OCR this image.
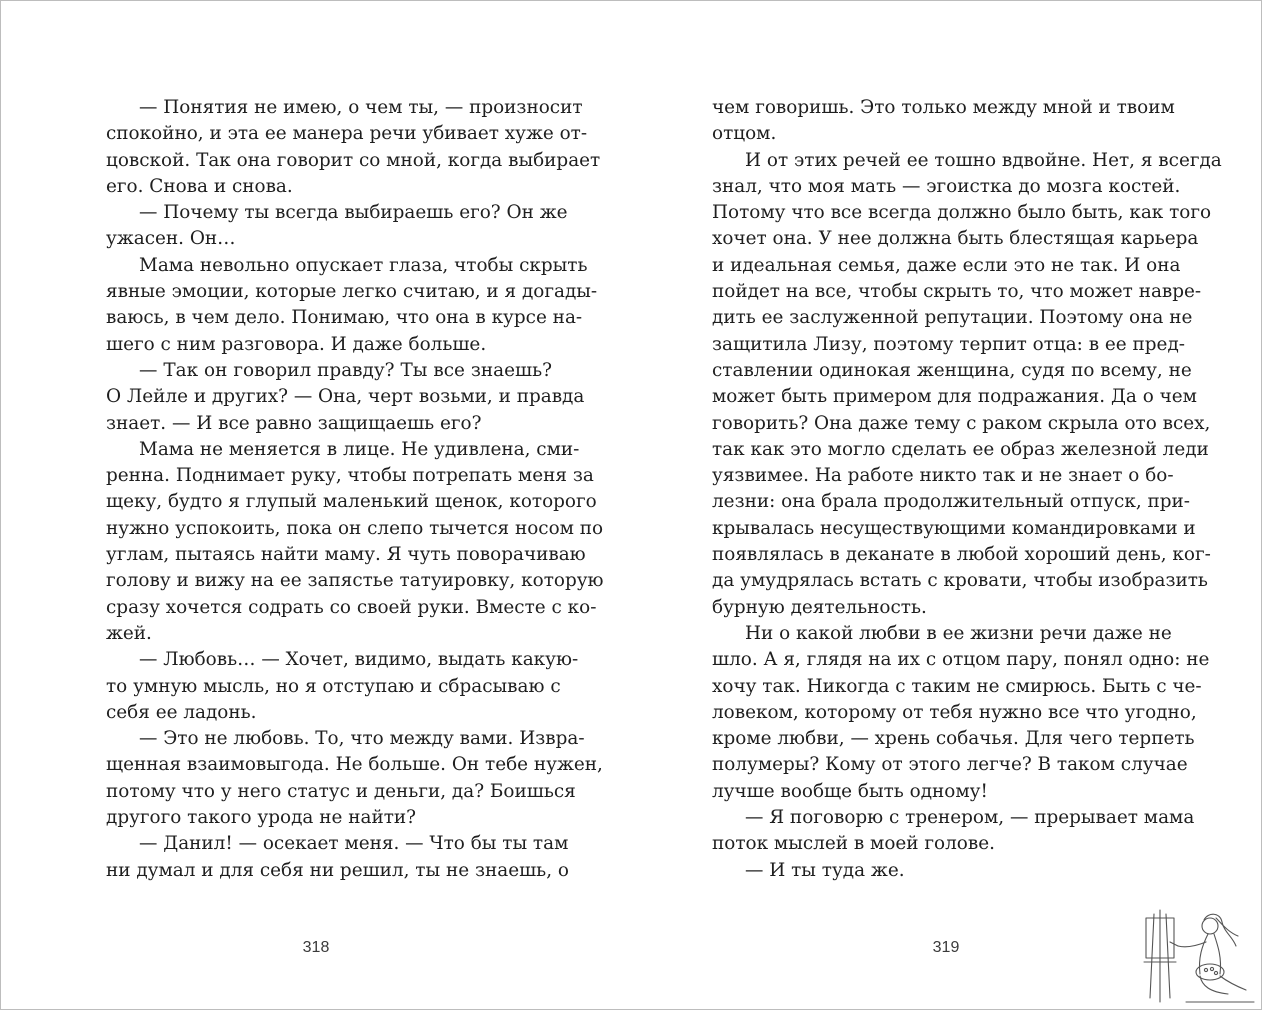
— Понятия не имею, о чем ты, — произносит
спокойно, и эта ее манера речи убивает хуже от-
цовской. Так она говорит со мной, когда выбирает
его. Снова и снова.
— Почему ты всегда выбираешь его? Он же
ужасен. Он…
Мама невольно опускает глаза, чтобы скрыть
явные эмоции, которые легко считаю, и я догады-
ваюсь, в чем дело. Понимаю, что она в курсе на-
шего с ним разговора. И даже больше.
— Так он говорил правду? Ты все знаешь?
О Лейле и других? — Она, черт возьми, и правда
знает. — И все равно защищаешь его?
Мама не меняется в лице. Не удивлена, сми-
ренна. Поднимает руку, чтобы потрепать меня за
щеку, будто я глупый маленький щенок, которого
нужно успокоить, пока он слепо тычется носом по
углам, пытаясь найти маму. Я чуть поворачиваю
голову и вижу на ее запястье татуировку, которую
сразу хочется содрать со своей руки. Вместе с ко-
жей.
— Любовь… — Хочет, видимо, выдать какую-
то умную мысль, но я отступаю и сбрасываю с
себя ее ладонь.
— Это не любовь. То, что между вами. Извра-
щенная взаимовыгода. Не больше. Он тебе нужен,
потому что у него статус и деньги, да? Боишься
другого такого урода не найти?
— Данил! — осекает меня. — Что бы ты там
ни думал и для себя ни решил, ты не знаешь, о
чем говоришь. Это только между мной и твоим
отцом.
И от этих речей ее тошно вдвойне. Нет, я всегда
знал, что моя мать — эгоистка до мозга костей.
Потому что все всегда должно было быть, как того
хочет она. У нее должна быть блестящая карьера
и идеальная семья, даже если это не так. И она
пойдет на все, чтобы скрыть то, что может навре-
дить ее заслуженной репутации. Поэтому она не
защитила Лизу, поэтому терпит отца: в ее пред-
ставлении одинокая женщина, судя по всему, не
может быть примером для подражания. Да о чем
говорить? Она даже тему с раком скрыла ото всех,
так как это могло сделать ее образ железной леди
уязвимее. На работе никто так и не знает о бо-
лезни: она брала продолжительный отпуск, при-
крывалась несуществующими командировками и
появлялась в деканате в любой хороший день, ког-
да умудрялась встать с кровати, чтобы изобразить
бурную деятельность.
Ни о какой любви в ее жизни речи даже не
шло. А я, глядя на их с отцом пару, понял одно: не
хочу так. Никогда с таким не смирюсь. Быть с че-
ловеком, которому от тебя нужно все что угодно,
кроме любви, — хрень собачья. Для чего терпеть
полумеры? Кому от этого легче? В таком случае
лучше вообще быть одному!
— Я поговорю с тренером, — прерывает мама
поток мыслей в моей голове.
— И ты туда же.
318	319
